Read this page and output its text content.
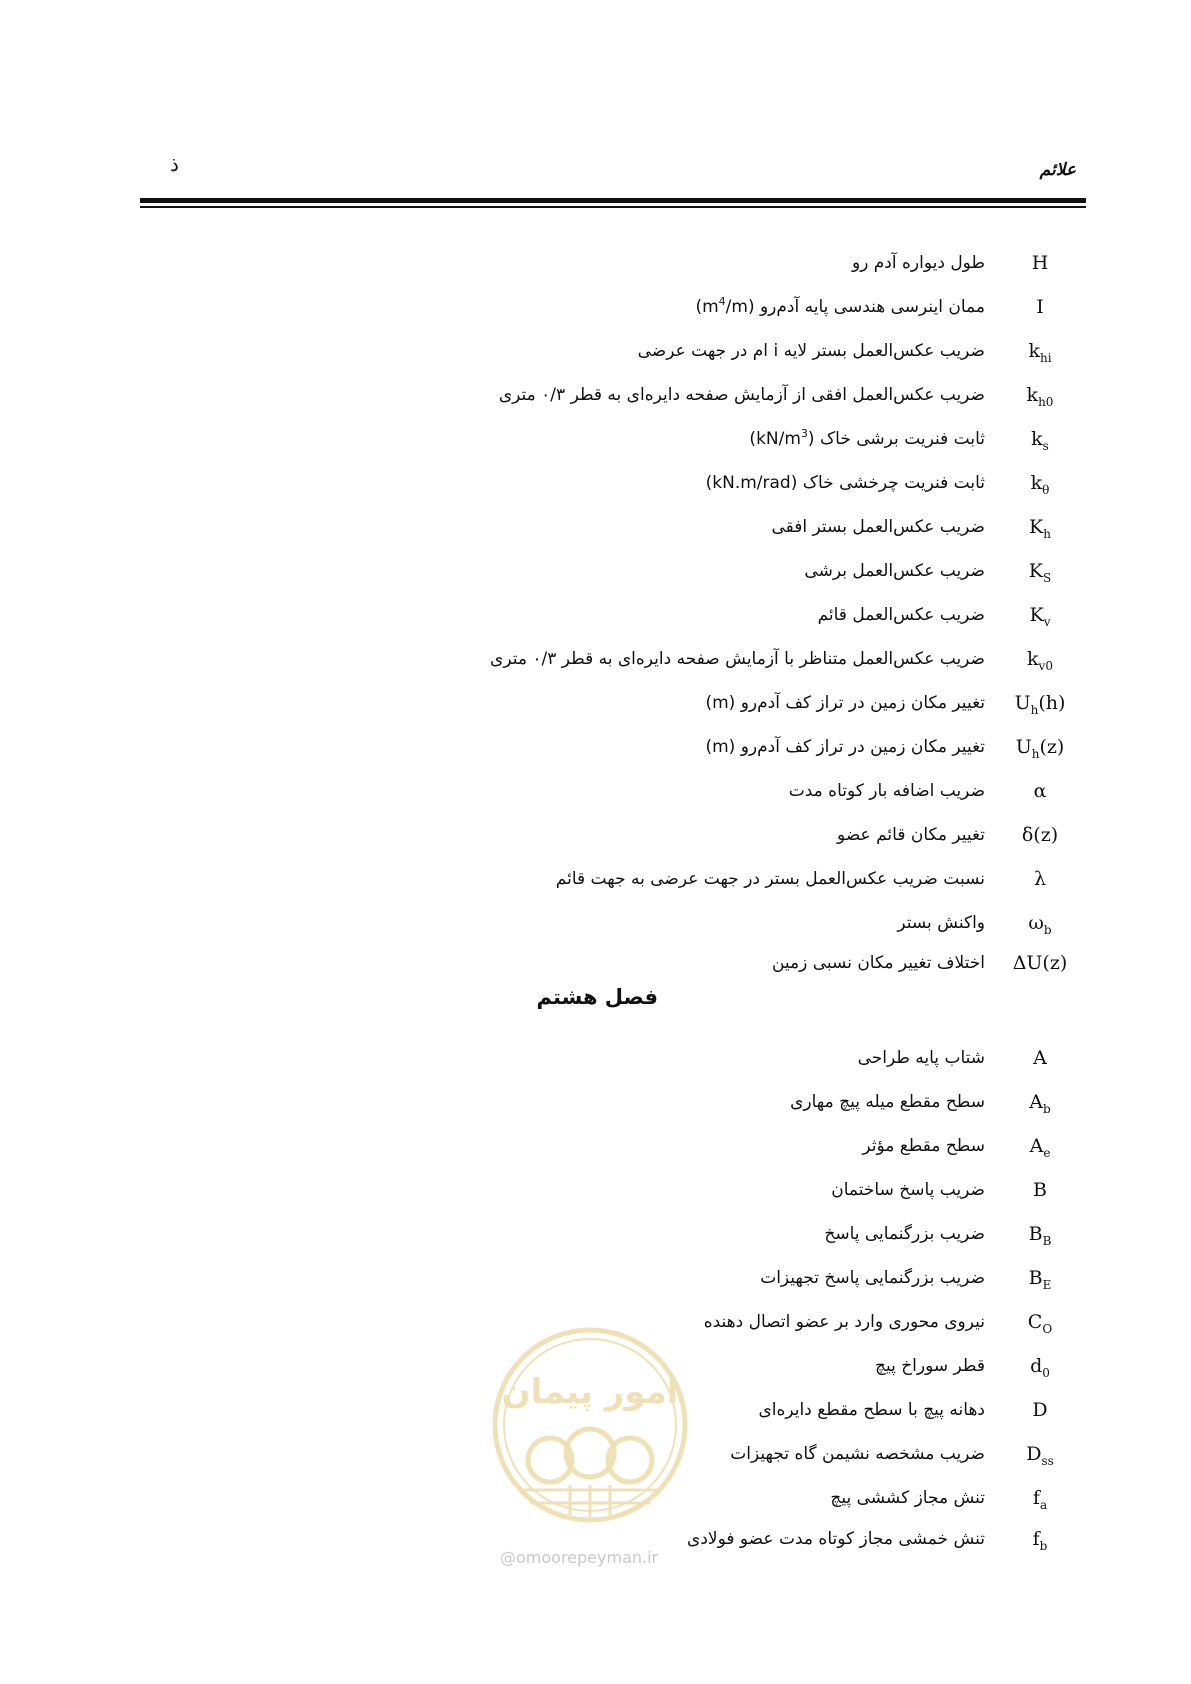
علائم
ذ
H
طول دیواره آدم رو
I
ممان اینرسی هندسی پایه آدم‌رو $(m^4/m)$
$k_{hi}$
ضریب عکس‌العمل بستر لایه i ام در جهت عرضی
$k_{h0}$
ضریب عکس‌العمل افقی از آزمایش صفحه دایره‌ای به قطر ۰/۳ متری
$k_s$
ثابت فنریت برشی خاک $(kN/m^3)$
$k_\theta$
ثابت فنریت چرخشی خاک (kN.m/rad)
$K_h$
ضریب عکس‌العمل بستر افقی
$K_S$
ضریب عکس‌العمل برشی
$K_v$
ضریب عکس‌العمل قائم
$k_{v0}$
ضریب عکس‌العمل متناظر با آزمایش صفحه دایره‌ای به قطر ۰/۳ متری
$U_h(h)$
تغییر مکان زمین در تراز کف آدم‌رو (m)
$U_h(z)$
تغییر مکان زمین در تراز کف آدم‌رو (m)
α
ضریب اضافه بار کوتاه مدت
δ(z)
تغییر مکان قائم عضو
λ
نسبت ضریب عکس‌العمل بستر در جهت عرضی به جهت قائم
$\omega_b$
واکنش بستر
ΔU(z)
اختلاف تغییر مکان نسبی زمین
فصل هشتم
A
شتاب پایه طراحی
$A_b$
سطح مقطع میله پیچ مهاری
$A_e$
سطح مقطع مؤثر
B
ضریب پاسخ ساختمان
$B_B$
ضریب بزرگنمایی پاسخ
$B_E$
ضریب بزرگنمایی پاسخ تجهیزات
$C_O$
نیروی محوری وارد بر عضو اتصال دهنده
$d_0$
قطر سوراخ پیچ
D
دهانه پیچ با سطح مقطع دایره‌ای
$D_{ss}$
ضریب مشخصه نشیمن گاه تجهیزات
$f_a$
تنش مجاز کششی پیچ
$f_b$
تنش خمشی مجاز کوتاه مدت عضو فولادی
امور پیمان
@omoorepeyman.ir
